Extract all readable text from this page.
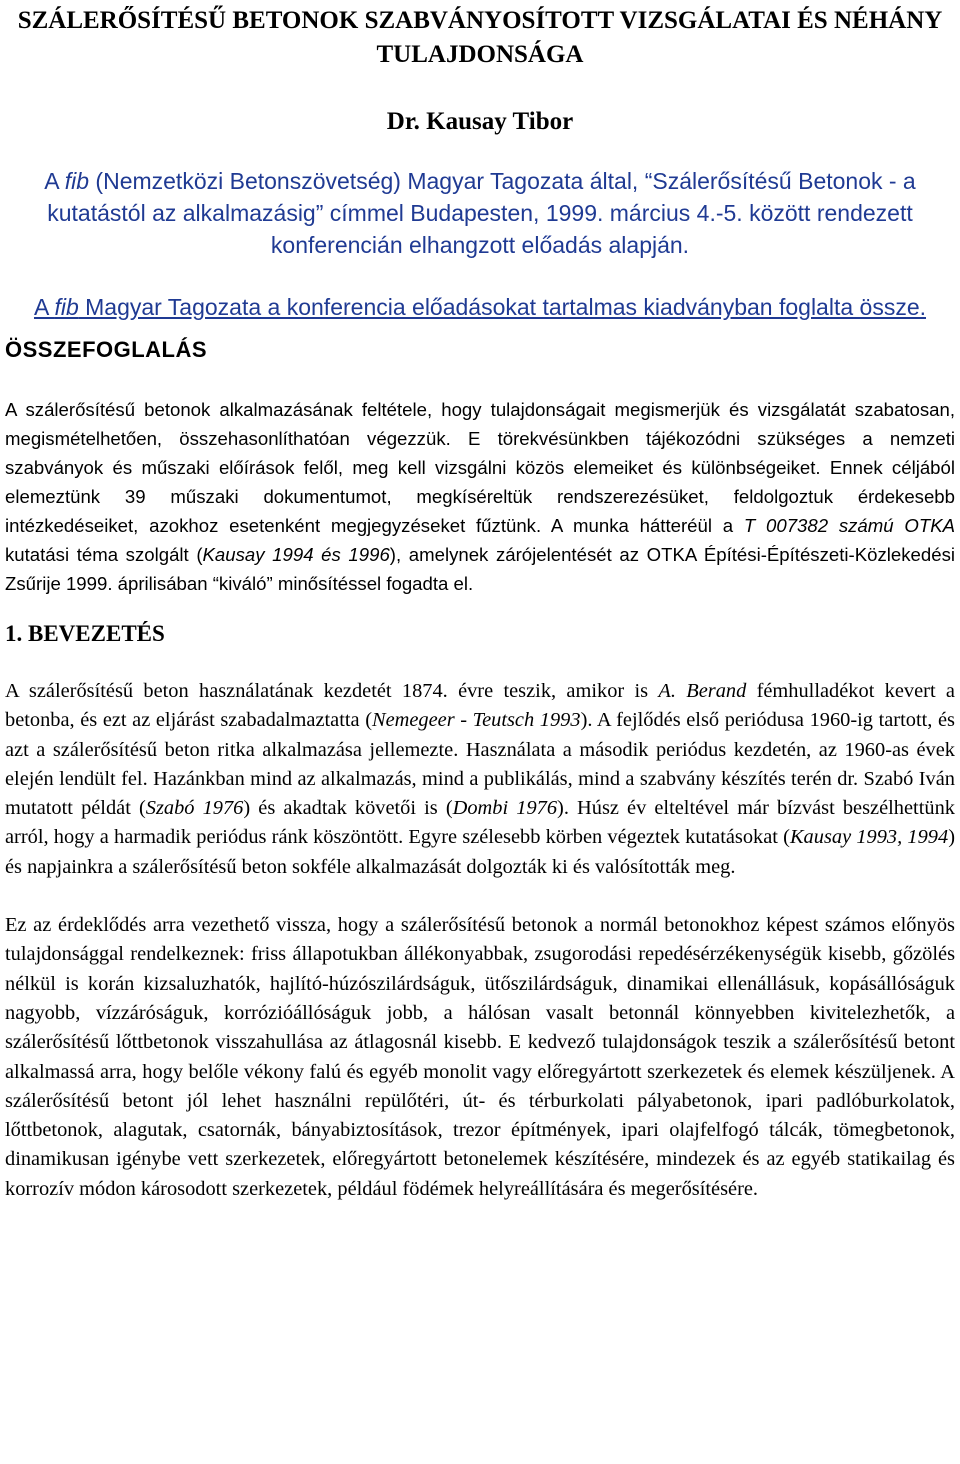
SZÁLERŐSÍTÉSŰ BETONOK SZABVÁNYOSÍTOTT VIZSGÁLATAI ÉS NÉHÁNY TULAJDONSÁGA

Dr. Kausay Tibor

A fib (Nemzetközi Betonszövetség) Magyar Tagozata által, “Szálerősítésű Betonok - a kutatástól az alkalmazásig” címmel Budapesten, 1999. március 4.-5. között rendezett konferencián elhangzott előadás alapján.

A fib Magyar Tagozata a konferencia előadásokat tartalmas kiadványban foglalta össze.

ÖSSZEFOGLALÁS

A szálerősítésű betonok alkalmazásának feltétele, hogy tulajdonságait megismerjük és vizsgálatát szabatosan, megismételhetően, összehasonlíthatóan végezzük. E törekvésünkben tájékozódni szükséges a nemzeti szabványok és műszaki előírások felől, meg kell vizsgálni közös elemeiket és különbségeiket. Ennek céljából elemeztünk 39 műszaki dokumentumot, megkíséreltük rendszerezésüket, feldolgoztuk érdekesebb intézkedéseiket, azokhoz esetenként megjegyzéseket fűztünk. A munka hátteréül a T 007382 számú OTKA kutatási téma szolgált (Kausay 1994 és 1996), amelynek zárójelentését az OTKA Építési-Építészeti-Közlekedési Zsűrije 1999. áprilisában “kiváló” minősítéssel fogadta el.

1. BEVEZETÉS

A szálerősítésű beton használatának kezdetét 1874. évre teszik, amikor is A. Berand fémhulladékot kevert a betonba, és ezt az eljárást szabadalmaztatta (Nemegeer - Teutsch 1993). A fejlődés első periódusa 1960-ig tartott, és azt a szálerősítésű beton ritka alkalmazása jellemezte. Használata a második periódus kezdetén, az 1960-as évek elején lendült fel. Hazánkban mind az alkalmazás, mind a publikálás, mind a szabvány készítés terén dr. Szabó Iván mutatott példát (Szabó 1976) és akadtak követői is (Dombi 1976). Húsz év elteltével már bízvást beszélhettünk arról, hogy a harmadik periódus ránk köszöntött. Egyre szélesebb körben végeztek kutatásokat (Kausay 1993, 1994) és napjainkra a szálerősítésű beton sokféle alkalmazását dolgozták ki és valósították meg.

Ez az érdeklődés arra vezethető vissza, hogy a szálerősítésű betonok a normál betonokhoz képest számos előnyös tulajdonsággal rendelkeznek: friss állapotukban állékonyabbak, zsugorodási repedésérzékenységük kisebb, gőzölés nélkül is korán kizsaluzhatók, hajlító-húzószilárdságuk, ütőszilárdságuk, dinamikai ellenállásuk, kopásállóságuk nagyobb, vízzáróságuk, korrózióállóságuk jobb, a hálósan vasalt betonnál könnyebben kivitelezhetők, a szálerősítésű lőttbetonok visszahullása az átlagosnál kisebb. E kedvező tulajdonságok teszik a szálerősítésű betont alkalmassá arra, hogy belőle vékony falú és egyéb monolit vagy előregyártott szerkezetek és elemek készüljenek. A szálerősítésű betont jól lehet használni repülőtéri, út- és térburkolati pályabetonok, ipari padlóburkolatok, lőttbetonok, alagutak, csatornák, bányabiztosítások, trezor építmények, ipari olajfelfogó tálcák, tömegbetonok, dinamikusan igénybe vett szerkezetek, előregyártott betonelemek készítésére, mindezek és az egyéb statikailag és korrozív módon károsodott szerkezetek, például födémek helyreállítására és megerősítésére.
